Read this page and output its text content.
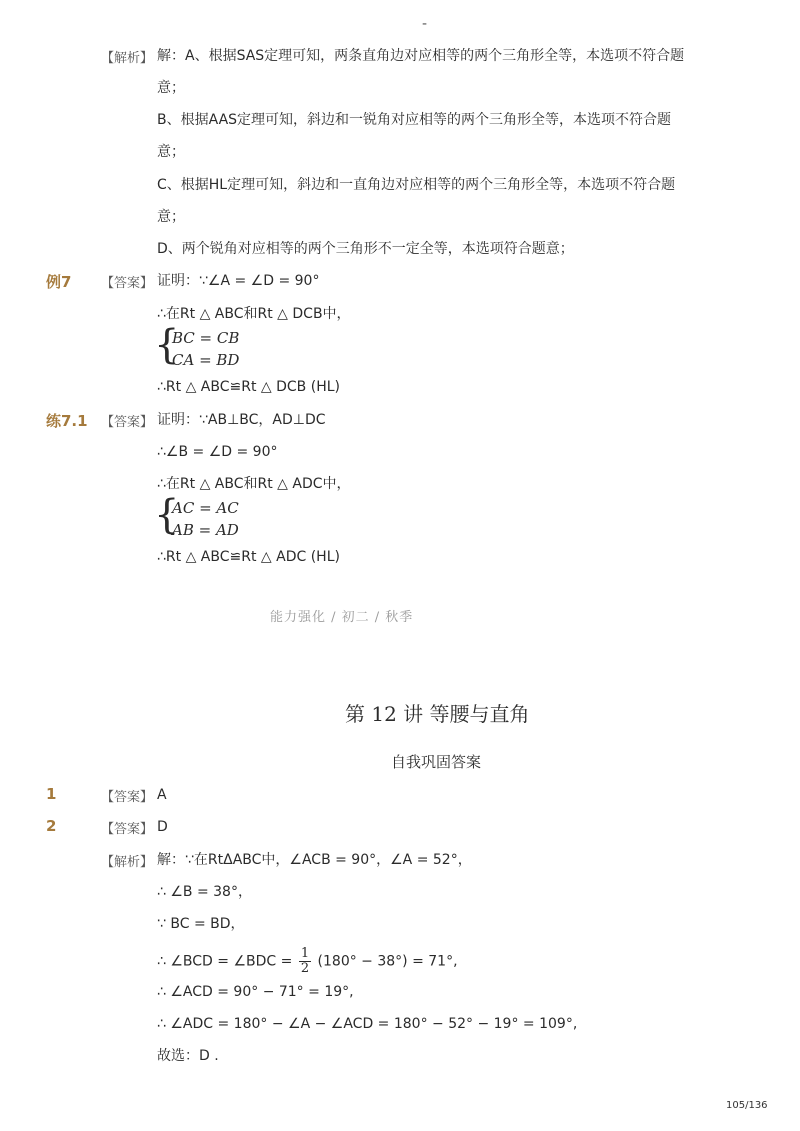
-
【解析】 解：A、根据SAS定理可知，两条直角边对应相等的两个三角形全等，本选项不符合题
意；
B、根据AAS定理可知，斜边和一锐角对应相等的两个三角形全等，本选项不符合题
意；
C、根据HL定理可知，斜边和一直角边对应相等的两个三角形全等，本选项不符合题
意；
D、两个锐角对应相等的两个三角形不一定全等，本选项符合题意；
例7 【答案】 证明：∵∠A = ∠D = 90°
∴在Rt △ ABC和Rt △ DCB中，
{
BC = CB
CA = BD
∴Rt △ ABC≌Rt △ DCB (HL)
练7.1 【答案】 证明：∵AB⊥BC，AD⊥DC
∴∠B = ∠D = 90°
∴在Rt △ ABC和Rt △ ADC中，
{
AC = AC
AB = AD
∴Rt △ ABC≌Rt △ ADC (HL)
能力强化 / 初二 / 秋季
第 12 讲 等腰与直角
自我巩固答案
1	【答案】 A
2	【答案】 D
【解析】 解：∵在RtΔABC中，∠ACB = 90°，∠A = 52°，
∴ ∠B = 38°，
∵ BC = BD，
∴ ∠BCD = ∠BDC = $\frac{1}{2} (180^\circ - 38^\circ) = 71^\circ$,
∴ ∠ACD = 90° − 71° = 19°,
∴ ∠ADC = 180° − ∠A − ∠ACD = 180° − 52° − 19° = 109°,
故选：D .
105/136
